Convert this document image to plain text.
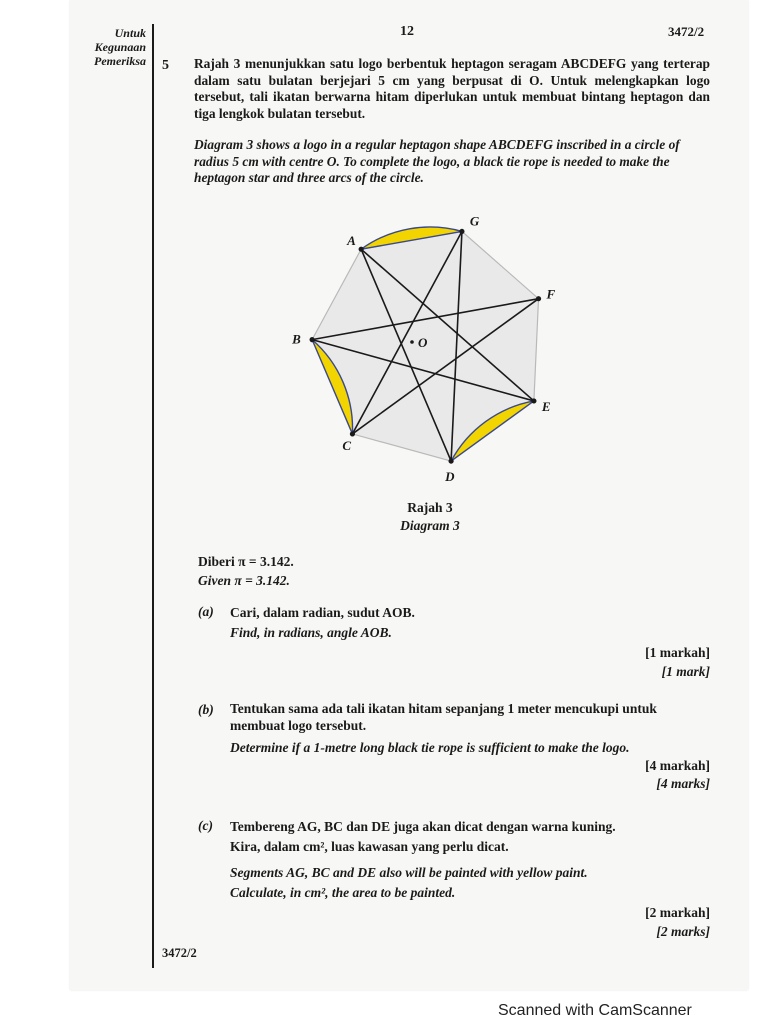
Untuk
Kegunaan
Pemeriksa
12	3472/2
5 Rajah 3 menunjukkan satu logo berbentuk heptagon seragam ABCDEFG yang terterap dalam satu bulatan berjejari 5 cm yang berpusat di O. Untuk melengkapkan logo tersebut, tali ikatan berwarna hitam diperlukan untuk membuat bintang heptagon dan tiga lengkok bulatan tersebut.
Diagram 3 shows a logo in a regular heptagon shape ABCDEFG inscribed in a circle of radius 5 cm with centre O. To complete the logo, a black tie rope is needed to make the heptagon star and three arcs of the circle.
A
B
C
D
E
F
G
O
Rajah 3
Diagram 3
Diberi π = 3.142.
Given π = 3.142.
(a) Cari, dalam radian, sudut AOB.
Find, in radians, angle AOB.
[1 markah]
[1 mark]
(b) Tentukan sama ada tali ikatan hitam sepanjang 1 meter mencukupi untuk membuat logo tersebut.
Determine if a 1-metre long black tie rope is sufficient to make the logo.
[4 markah]
[4 marks]
(c) Tembereng AG, BC dan DE juga akan dicat dengan warna kuning.
Kira, dalam cm², luas kawasan yang perlu dicat.
Segments AG, BC and DE also will be painted with yellow paint.
Calculate, in cm², the area to be painted.
[2 markah]
[2 marks]
3472/2
Scanned with CamScanner
